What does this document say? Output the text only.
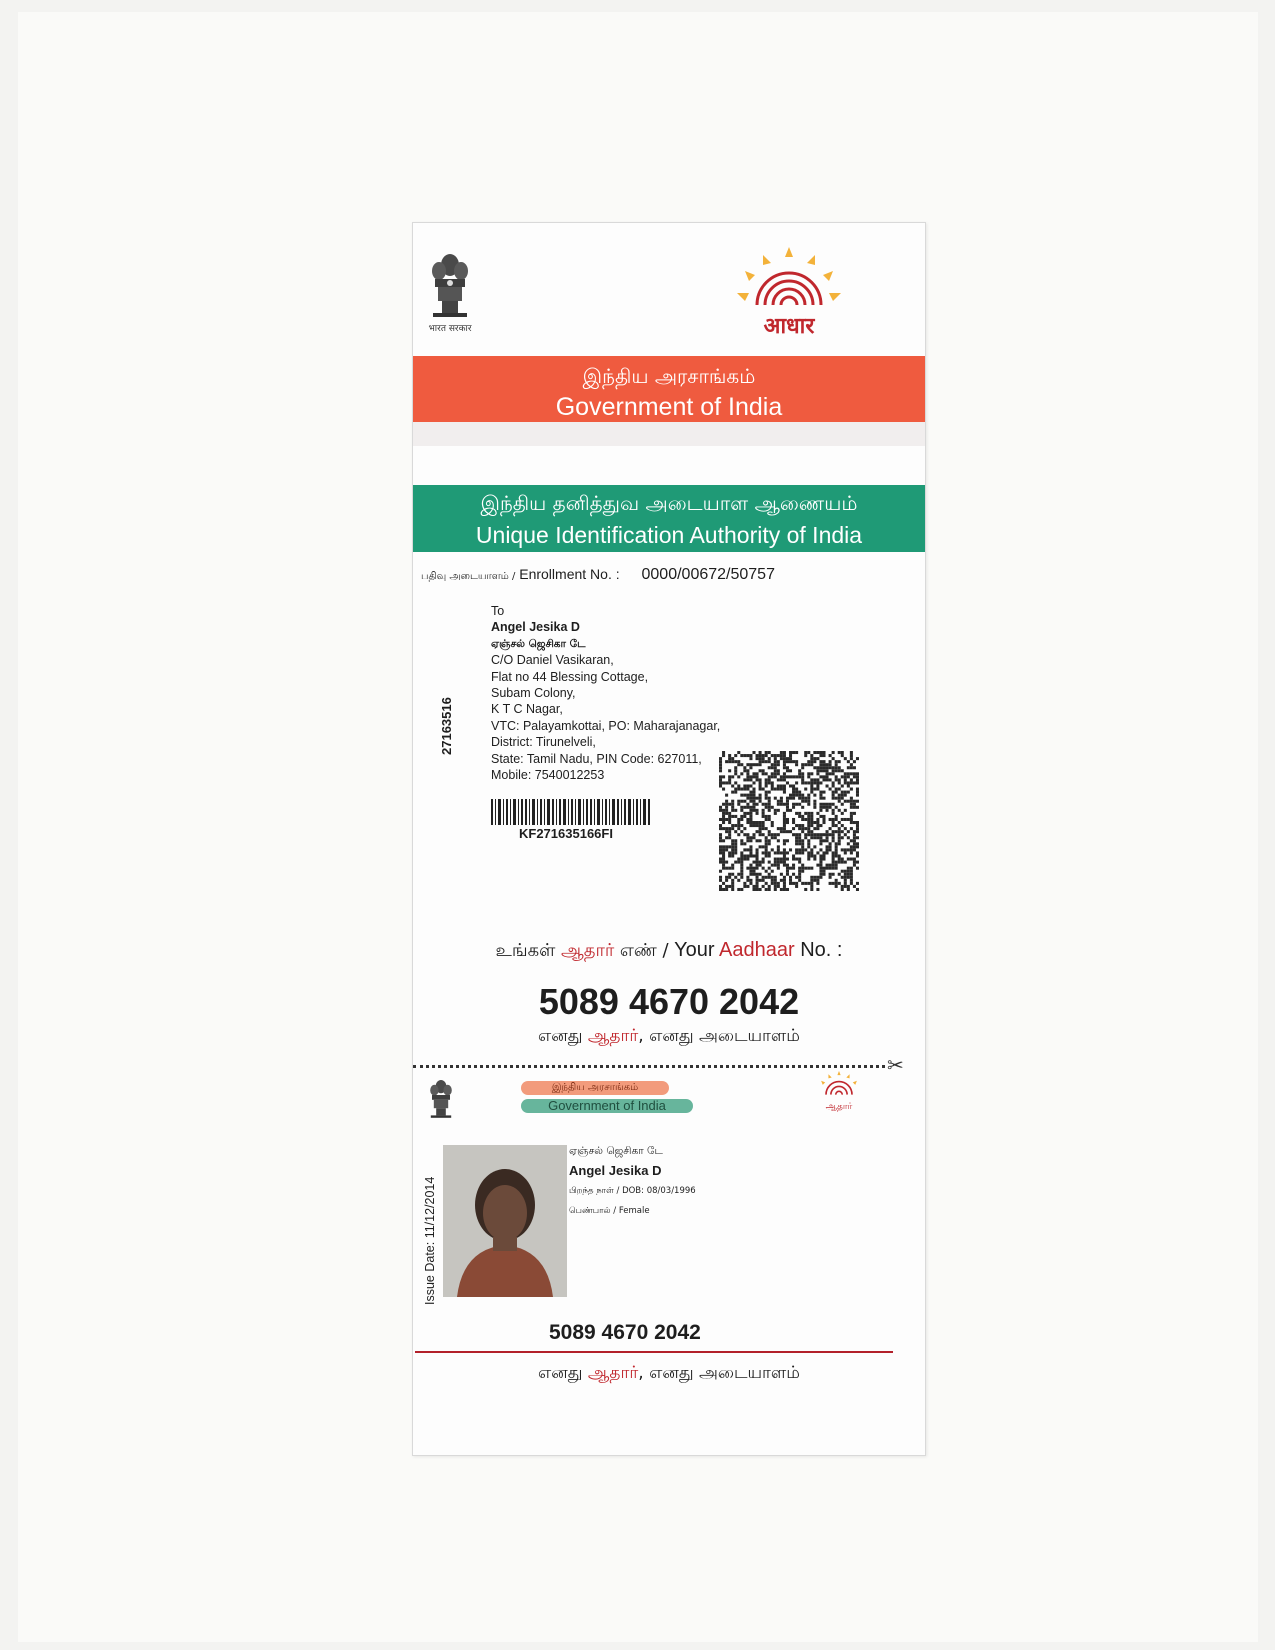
भारत सरकार	आधार
இந்திய அரசாங்கம்
Government of India
இந்திய தனித்துவ அடையாள ஆணையம்
Unique Identification Authority of India
பதிவு அடையாளம் / Enrollment No. : 0000/00672/50757
To
Angel Jesika D
ஏஞ்சல் ஜெசிகா டே
C/O Daniel Vasikaran,
Flat no 44 Blessing Cottage,
Subam Colony,
K T C Nagar,
VTC: Palayamkottai, PO: Maharajanagar,
District: Tirunelveli,
State: Tamil Nadu, PIN Code: 627011,
Mobile: 7540012253
27163516
KF271635166FI
உங்கள் ஆதார் எண் / Your Aadhaar No. :
5089 4670 2042
எனது ஆதார், எனது அடையாளம்
✂
இந்திய அரசாங்கம்
Government of India	ஆதார்
ஏஞ்சல் ஜெசிகா டே
Angel Jesika D
பிறந்த நாள் / DOB: 08/03/1996
பெண்பால் / Female
Issue Date: 11/12/2014
5089 4670 2042
எனது ஆதார், எனது அடையாளம்
